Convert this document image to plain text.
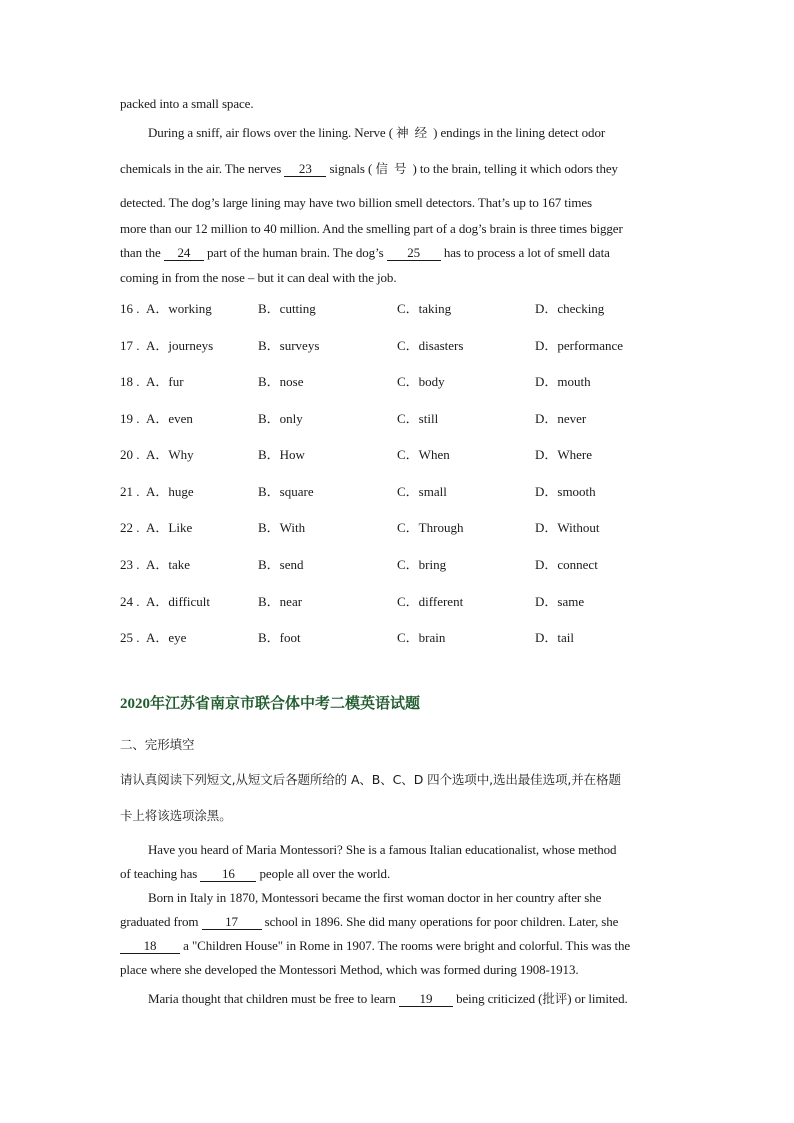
packed into a small space.
During a sniff, air flows over the lining. Nerve ( 神经) endings in the lining detect odor
chemicals in the air. The nerves 23 signals ( 信号) to the brain, telling it which odors they
detected. The dog’s large lining may have two billion smell detectors. That’s up to 167 times
more than our 12 million to 40 million. And the smelling part of a dog’s brain is three times bigger
than the 24 part of the human brain. The dog’s 25 has to process a lot of smell data
coming in from the nose – but it can deal with the job.
16 . A．working	B．cutting	C．taking	D．checking
17 . A．journeys	B．surveys	C．disasters	D．performance
18 . A．fur	B．nose	C．body	D．mouth
19 . A．even	B．only	C．still	D．never
20 . A．Why	B．How	C．When	D．Where
21 . A．huge	B．square	C．small	D．smooth
22 . A．Like	B．With	C．Through	D．Without
23 . A．take	B．send	C．bring	D．connect
24 . A．difficult	B．near	C．different	D．same
25 . A．eye	B．foot	C．brain	D．tail
2020年江苏省南京市联合体中考二模英语试题
二、完形填空
请认真阅读下列短文,从短文后各题所给的 A、B、C、D 四个选项中,选出最佳选项,并在格题
卡上将该选项涂黑。
Have you heard of Maria Montessori? She is a famous Italian educationalist, whose method
of teaching has 16 people all over the world.
Born in Italy in 1870, Montessori became the first woman doctor in her country after she
graduated from 17 school in 1896. She did many operations for poor children. Later, she
18 a "Children House" in Rome in 1907. The rooms were bright and colorful. This was the
place where she developed the Montessori Method, which was formed during 1908-1913.
Maria thought that children must be free to learn 19 being criticized (批评) or limited.
